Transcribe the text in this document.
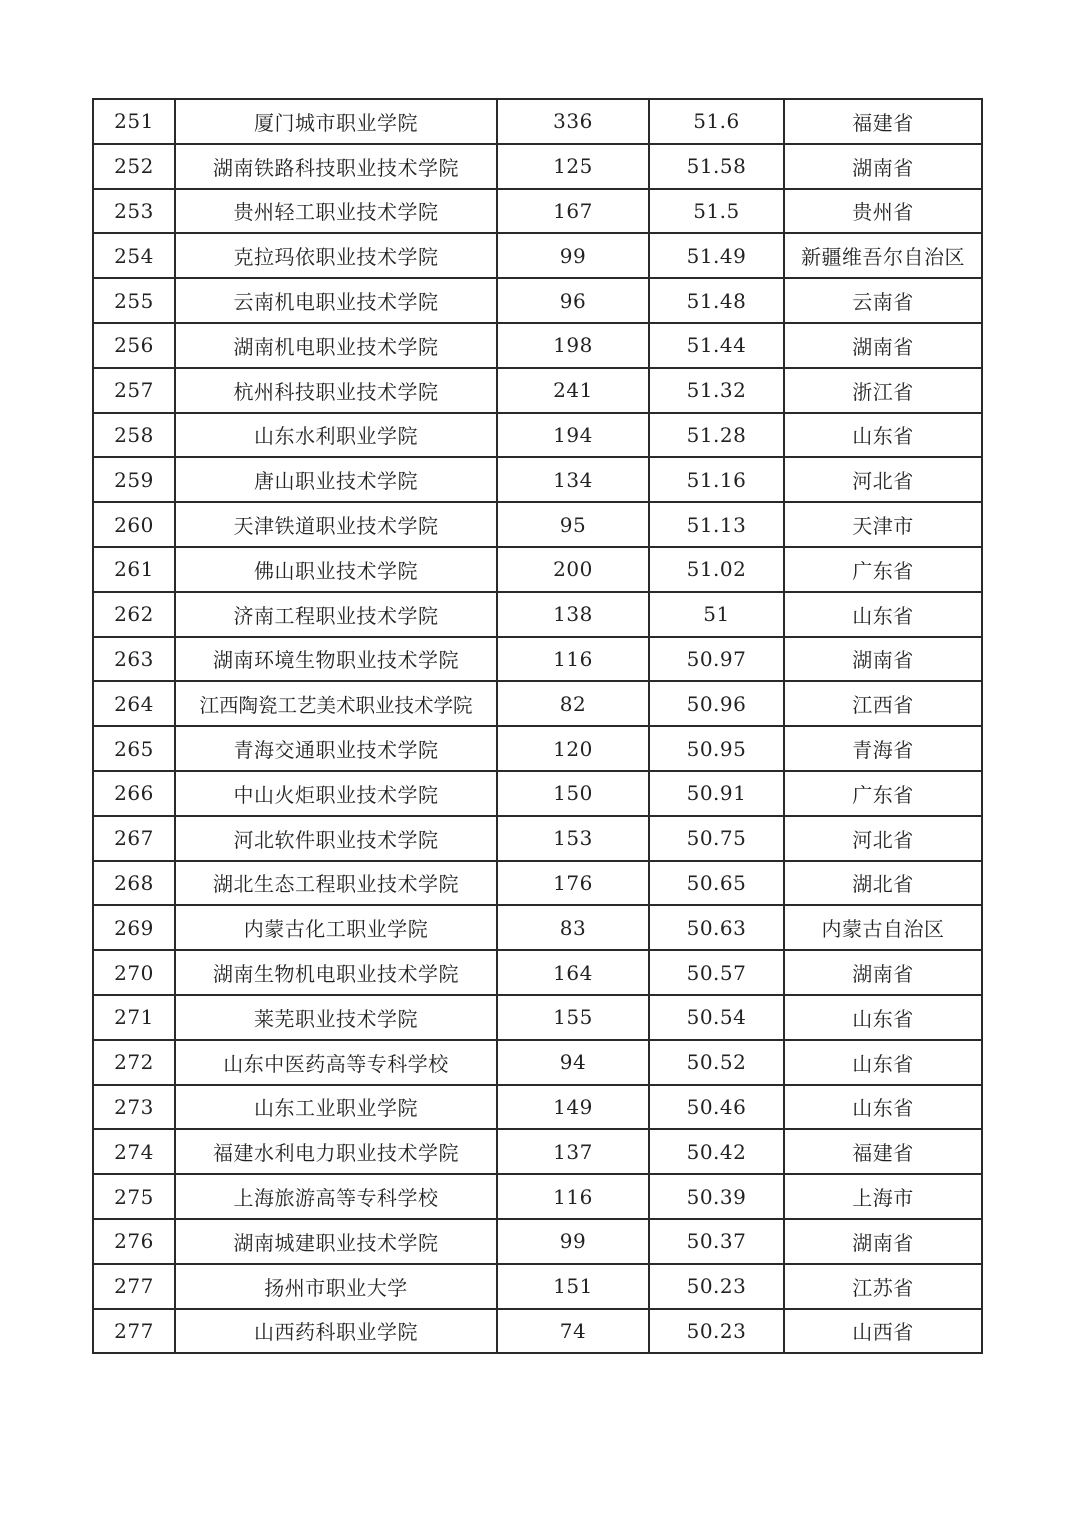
251	厦门城市职业学院	336	51.6	福建省
252	湖南铁路科技职业技术学院	125	51.58	湖南省
253	贵州轻工职业技术学院	167	51.5	贵州省
254	克拉玛依职业技术学院	99	51.49	新疆维吾尔自治区
255	云南机电职业技术学院	96	51.48	云南省
256	湖南机电职业技术学院	198	51.44	湖南省
257	杭州科技职业技术学院	241	51.32	浙江省
258	山东水利职业学院	194	51.28	山东省
259	唐山职业技术学院	134	51.16	河北省
260	天津铁道职业技术学院	95	51.13	天津市
261	佛山职业技术学院	200	51.02	广东省
262	济南工程职业技术学院	138	51	山东省
263	湖南环境生物职业技术学院	116	50.97	湖南省
264	江西陶瓷工艺美术职业技术学院	82	50.96	江西省
265	青海交通职业技术学院	120	50.95	青海省
266	中山火炬职业技术学院	150	50.91	广东省
267	河北软件职业技术学院	153	50.75	河北省
268	湖北生态工程职业技术学院	176	50.65	湖北省
269	内蒙古化工职业学院	83	50.63	内蒙古自治区
270	湖南生物机电职业技术学院	164	50.57	湖南省
271	莱芜职业技术学院	155	50.54	山东省
272	山东中医药高等专科学校	94	50.52	山东省
273	山东工业职业学院	149	50.46	山东省
274	福建水利电力职业技术学院	137	50.42	福建省
275	上海旅游高等专科学校	116	50.39	上海市
276	湖南城建职业技术学院	99	50.37	湖南省
277	扬州市职业大学	151	50.23	江苏省
277	山西药科职业学院	74	50.23	山西省
